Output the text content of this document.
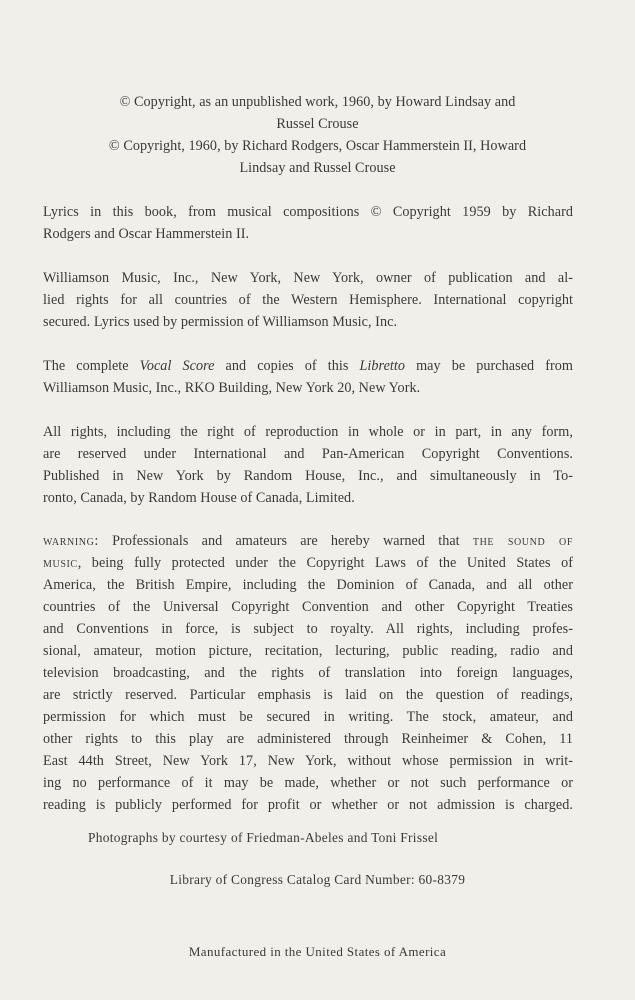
© Copyright, as an unpublished work, 1960, by Howard Lindsay and
Russel Crouse
© Copyright, 1960, by Richard Rodgers, Oscar Hammerstein II, Howard
Lindsay and Russel Crouse
Lyrics in this book, from musical compositions © Copyright 1959 by Richard
Rodgers and Oscar Hammerstein II.
Williamson Music, Inc., New York, New York, owner of publication and al-
lied rights for all countries of the Western Hemisphere. International copyright
secured. Lyrics used by permission of Williamson Music, Inc.
The complete Vocal Score and copies of this Libretto may be purchased from
Williamson Music, Inc., RKO Building, New York 20, New York.
All rights, including the right of reproduction in whole or in part, in any form,
are reserved under International and Pan-American Copyright Conventions.
Published in New York by Random House, Inc., and simultaneously in To-
ronto, Canada, by Random House of Canada, Limited.
warning: Professionals and amateurs are hereby warned that the sound of
music, being fully protected under the Copyright Laws of the United States of
America, the British Empire, including the Dominion of Canada, and all other
countries of the Universal Copyright Convention and other Copyright Treaties
and Conventions in force, is subject to royalty. All rights, including profes-
sional, amateur, motion picture, recitation, lecturing, public reading, radio and
television broadcasting, and the rights of translation into foreign languages,
are strictly reserved. Particular emphasis is laid on the question of readings,
permission for which must be secured in writing. The stock, amateur, and
other rights to this play are administered through Reinheimer & Cohen, 11
East 44th Street, New York 17, New York, without whose permission in writ-
ing no performance of it may be made, whether or not such performance or
reading is publicly performed for profit or whether or not admission is charged.
Photographs by courtesy of Friedman-Abeles and Toni Frissel
Library of Congress Catalog Card Number: 60-8379
Manufactured in the United States of America
